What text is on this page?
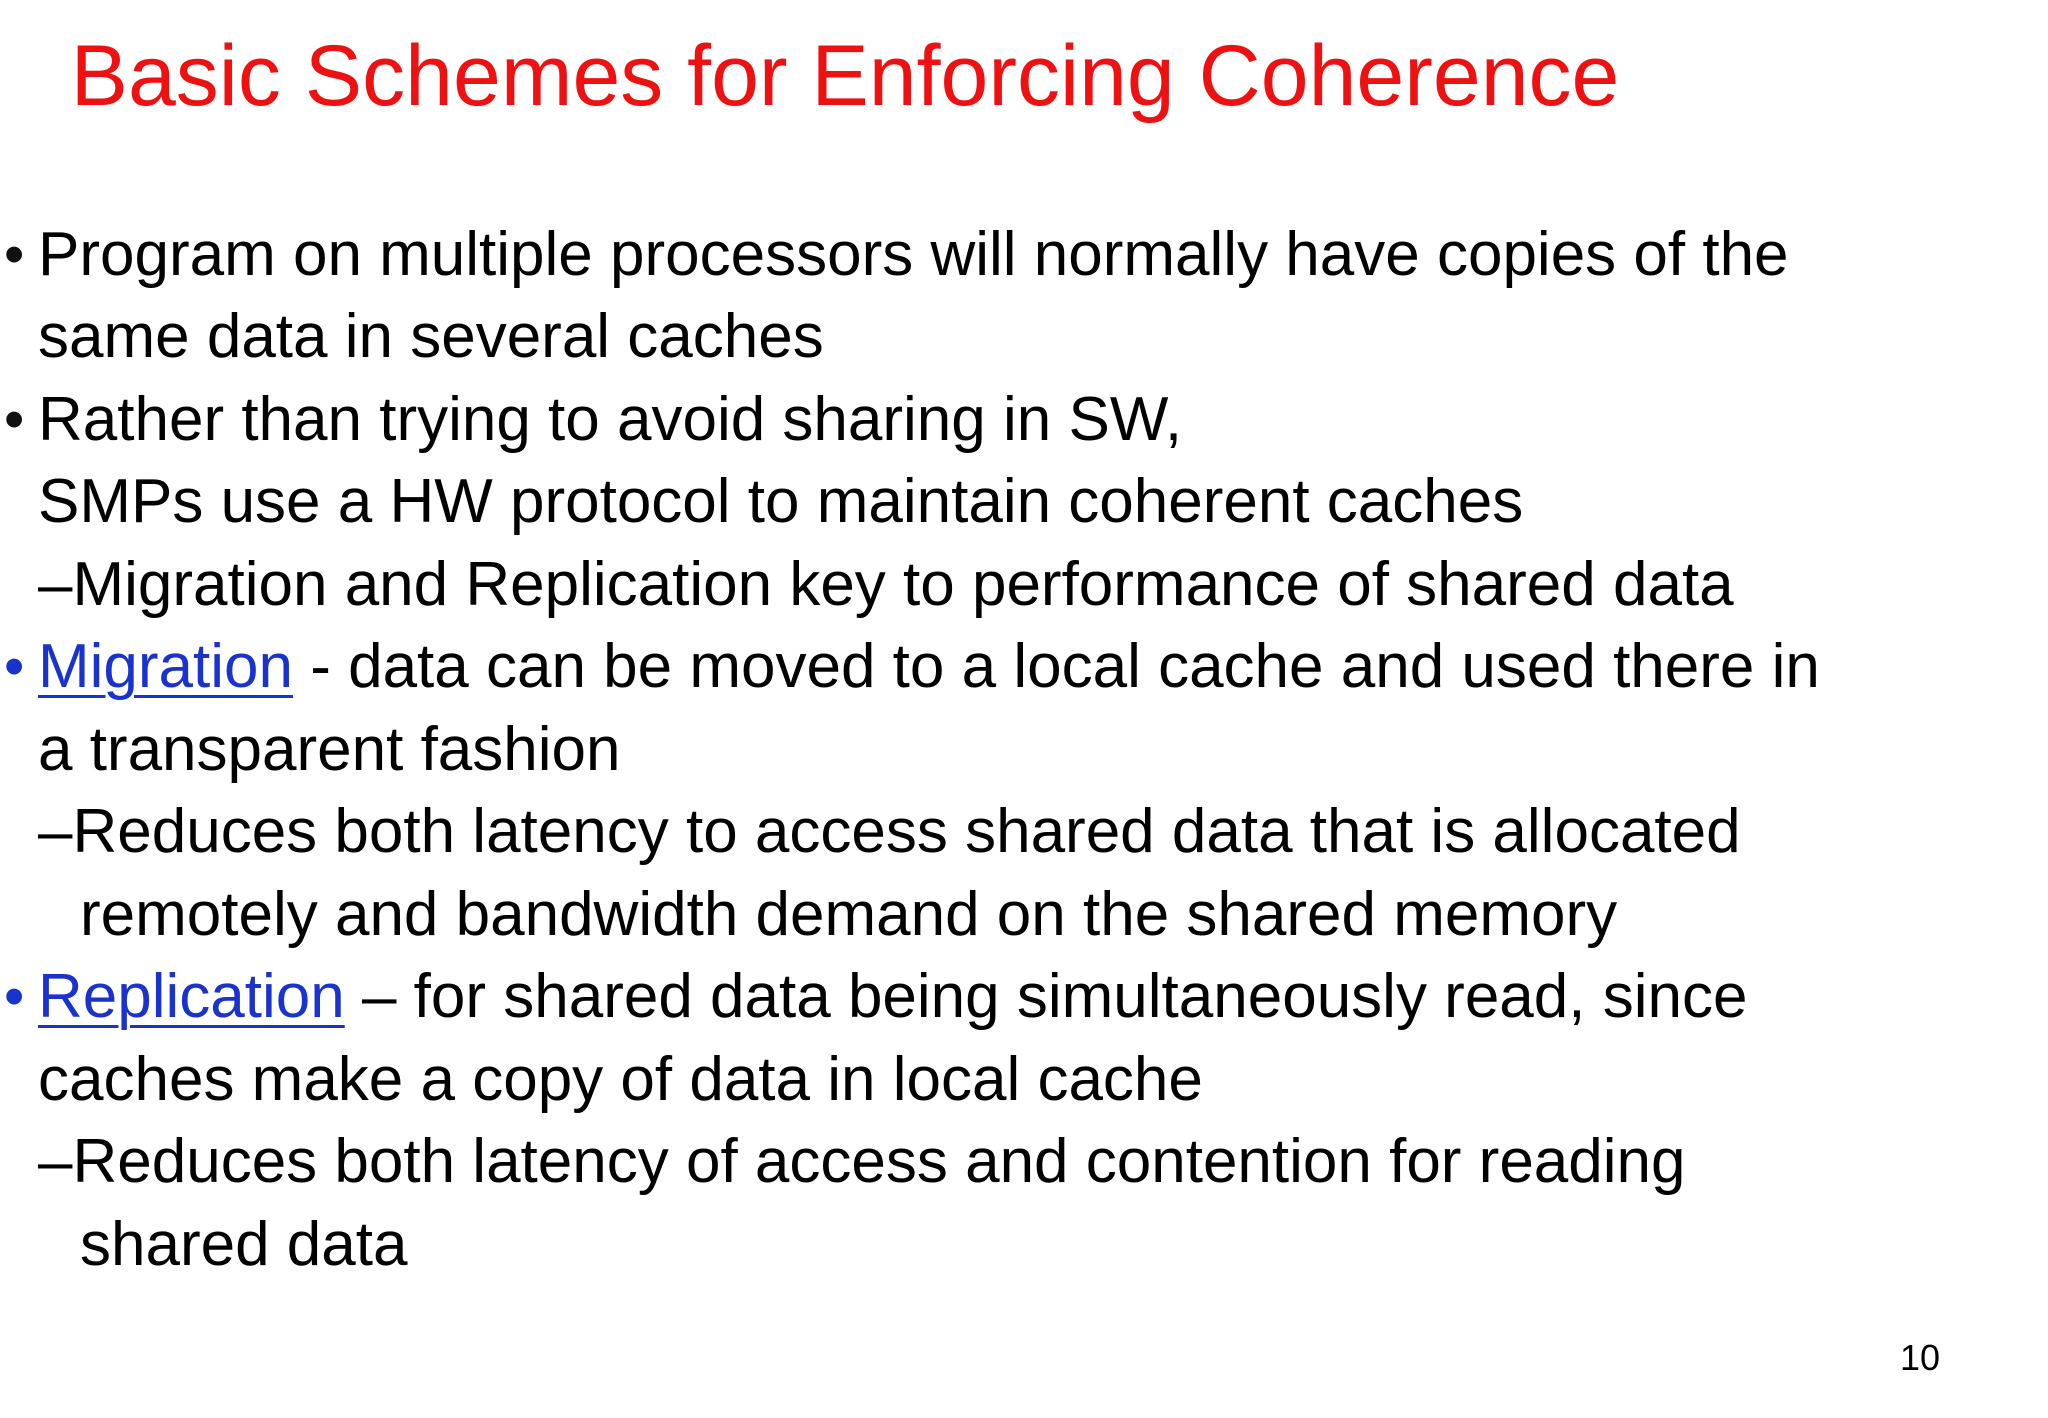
Basic Schemes for Enforcing Coherence
• Program on multiple processors will normally have copies of the
same data in several caches
• Rather than trying to avoid sharing in SW,
SMPs use a HW protocol to maintain coherent caches
–Migration and Replication key to performance of shared data
• Migration - data can be moved to a local cache and used there in
a transparent fashion
–Reduces both latency to access shared data that is allocated
remotely and bandwidth demand on the shared memory
• Replication – for shared data being simultaneously read, since
caches make a copy of data in local cache
–Reduces both latency of access and contention for reading
shared data
10
